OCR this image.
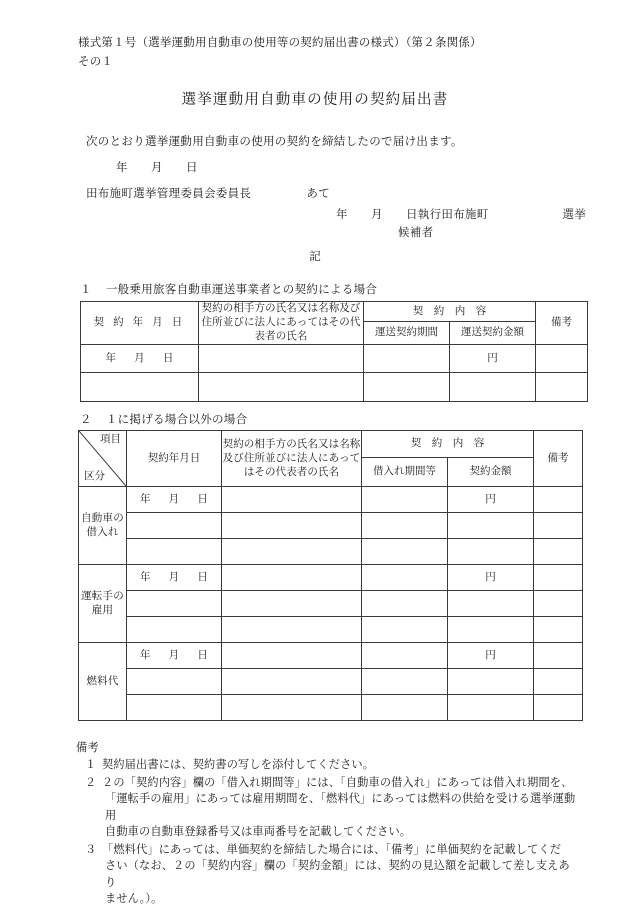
様式第１号（選挙運動用自動車の使用等の契約届出書の様式）（第２条関係）
その１
選挙運動用自動車の使用の契約届出書
次のとおり選挙運動用自動車の使用の契約を締結したので届け出ます。
年 月 日
田布施町選挙管理委員会委員長	あて
年 月 日執行田布施町	選挙
候補者
記
１ 一般乗用旅客自動車運送事業者との契約による場合
契 約 年 月 日	契約の相手方の氏名又は名称及び住所並びに法人にあってはその代表者の氏名	契　約　内　容		備考
		運送契約期間	運送契約金額	
年 月 日			円	

２ １に掲げる場合以外の場合
項目
区分	契約年月日	契約の相手方の氏名又は名称及び住所並びに法人にあってはその代表者の氏名	契　約　内　容		備考
			借入れ期間等	契約金額	
自動車の借入れ	年 月 日			円	

運転手の雇用	年 月 日			円	

燃料代	年 月 日			円	

備考
１ 契約届出書には、契約書の写しを添付してください。

２ ２の「契約内容」欄の「借入れ期間等」には、「自動車の借入れ」にあっては借入れ期間を、

「運転手の雇用」にあっては雇用期間を、「燃料代」にあっては燃料の供給を受ける選挙運動用

自動車の自動車登録番号又は車両番号を記載してください。

３ 「燃料代」にあっては、単価契約を締結した場合には、「備考」に単価契約を記載してくだ

さい（なお、２の「契約内容」欄の「契約金額」には、契約の見込額を記載して差し支えあり

ません。）。
